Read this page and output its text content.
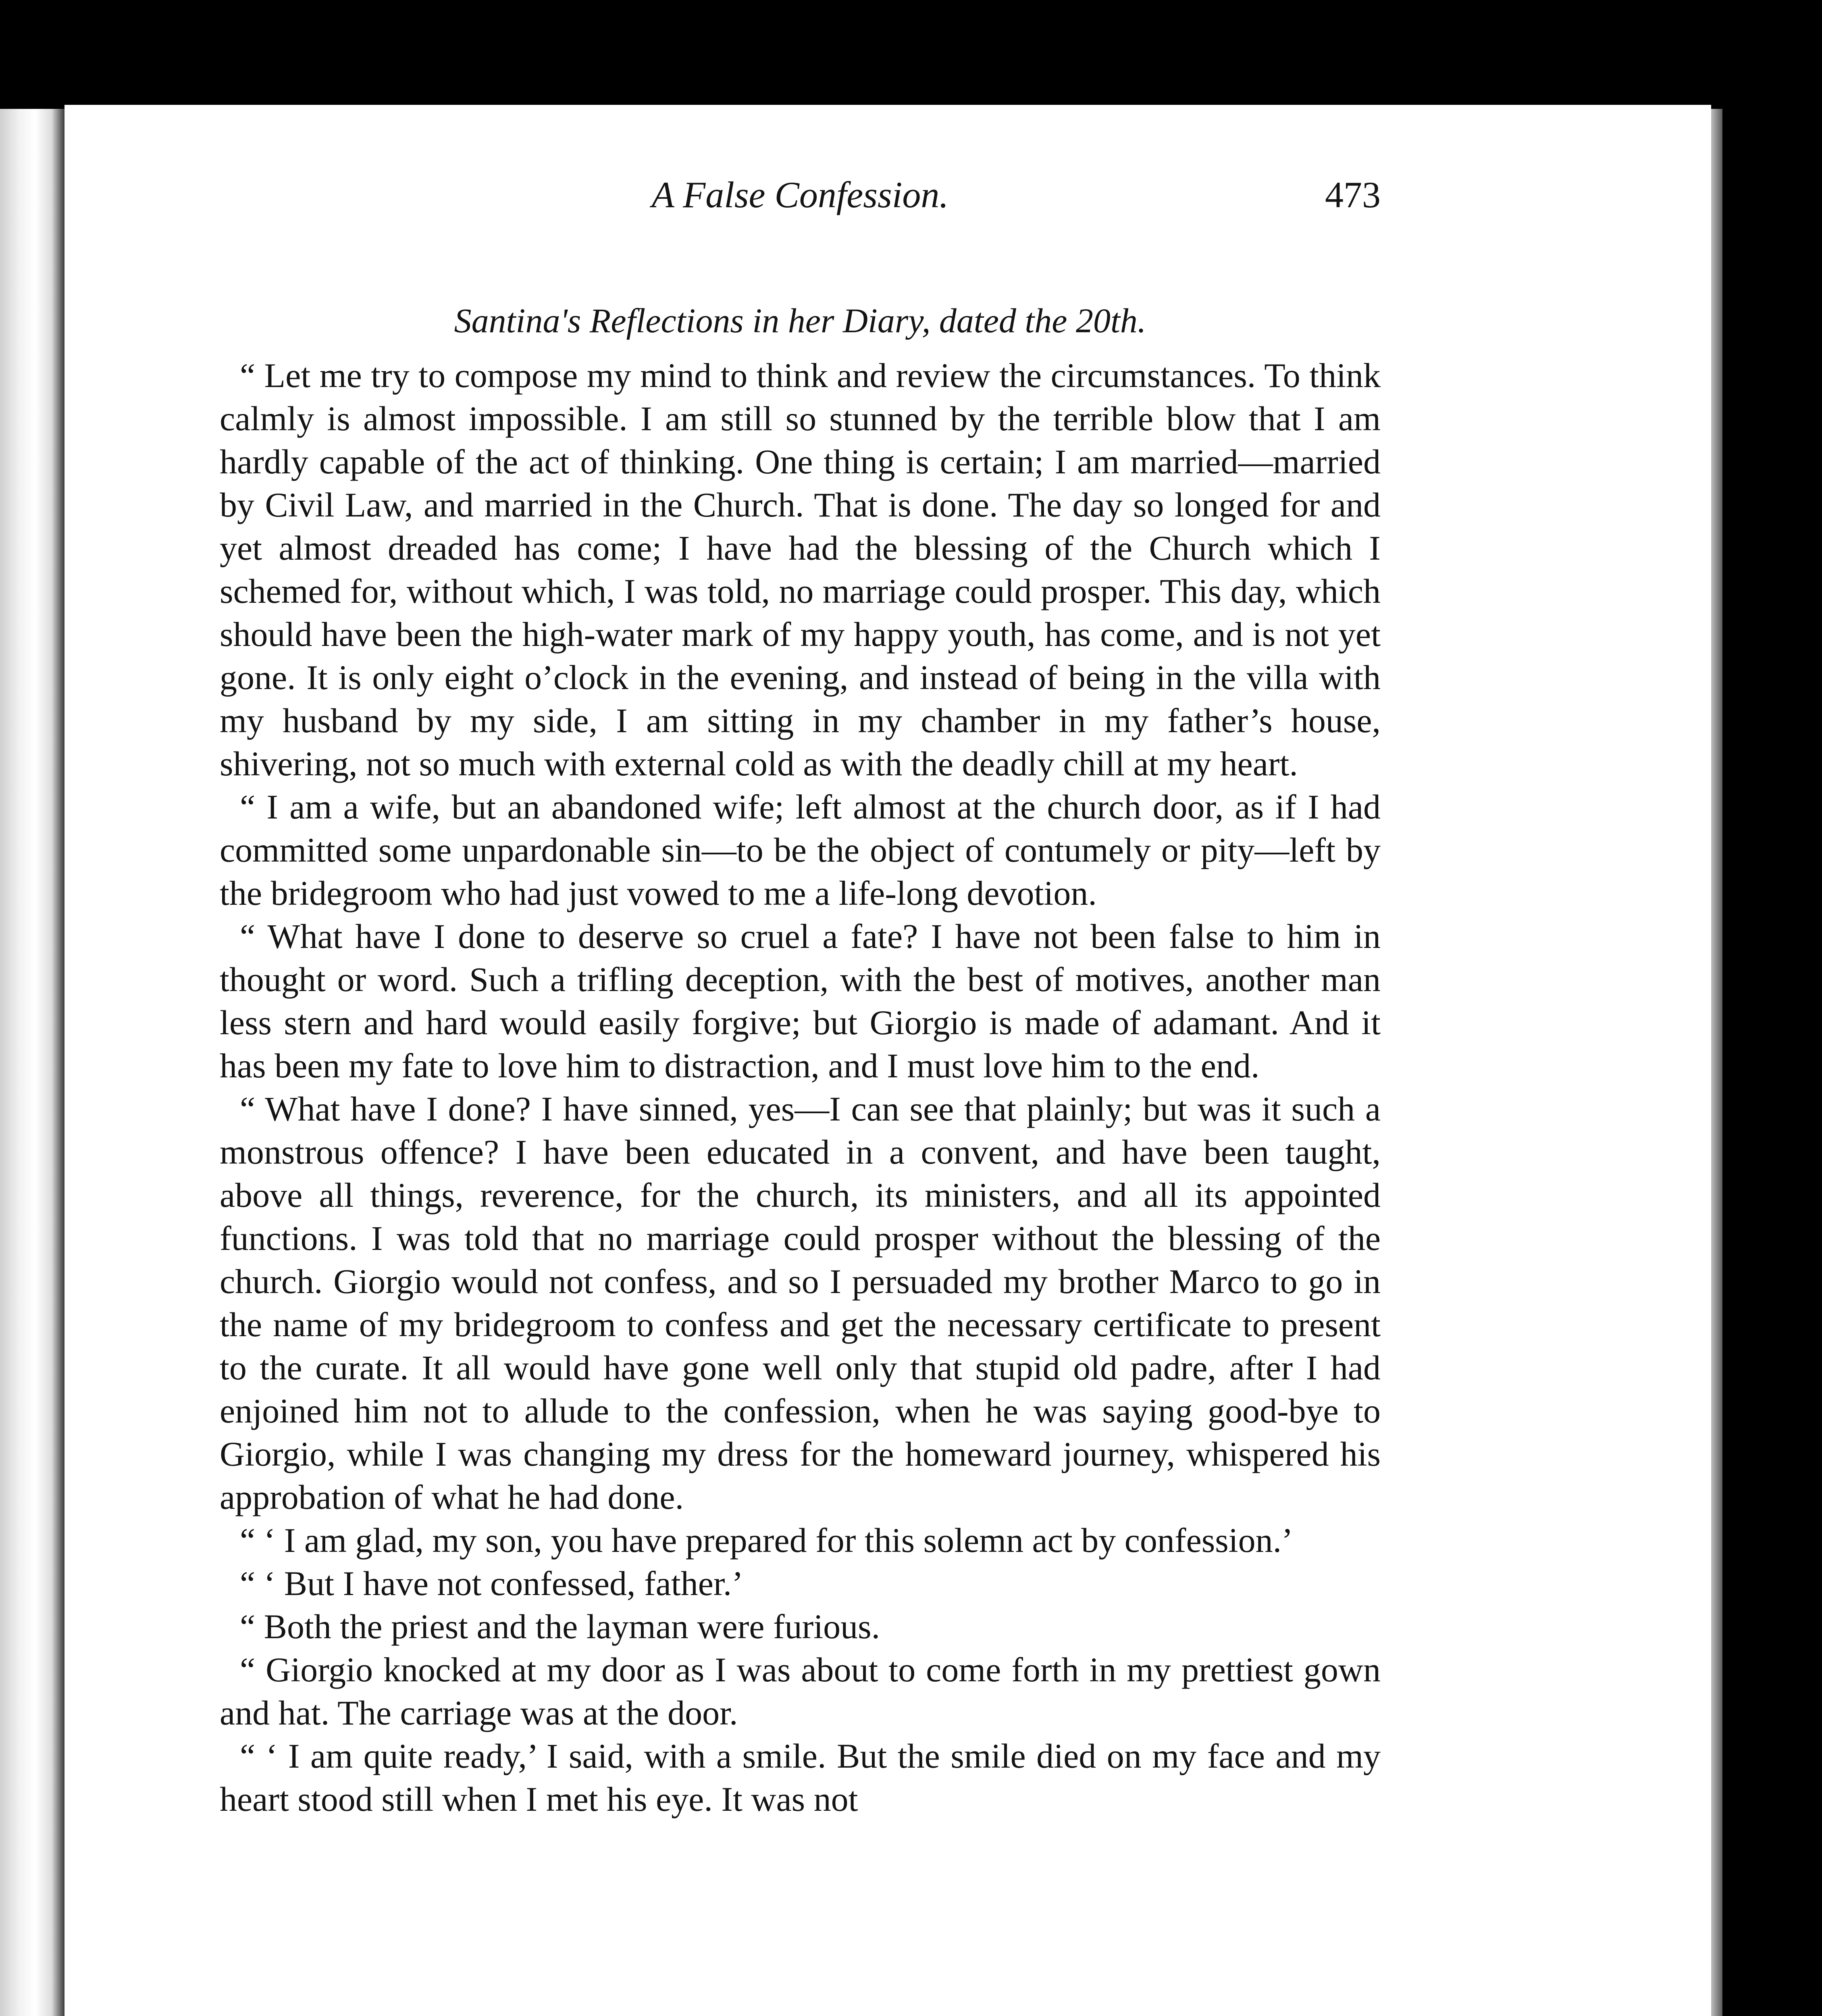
A False Confession.	473
Santina's Reflections in her Diary, dated the 20th.

“ Let me try to compose my mind to think and review the circumstances. To think calmly is almost impossible. I am still so stunned by the terrible blow that I am hardly capable of the act of thinking. One thing is certain; I am married—married by Civil Law, and married in the Church. That is done. The day so longed for and yet almost dreaded has come; I have had the blessing of the Church which I schemed for, without which, I was told, no marriage could prosper. This day, which should have been the high-water mark of my happy youth, has come, and is not yet gone. It is only eight o’clock in the evening, and instead of being in the villa with my husband by my side, I am sitting in my chamber in my father’s house, shivering, not so much with external cold as with the deadly chill at my heart.

“ I am a wife, but an abandoned wife; left almost at the church door, as if I had committed some unpardonable sin—to be the object of contumely or pity—left by the bridegroom who had just vowed to me a life-long devotion.

“ What have I done to deserve so cruel a fate? I have not been false to him in thought or word. Such a trifling deception, with the best of motives, another man less stern and hard would easily forgive; but Giorgio is made of adamant. And it has been my fate to love him to distraction, and I must love him to the end.

“ What have I done? I have sinned, yes—I can see that plainly; but was it such a monstrous offence? I have been educated in a convent, and have been taught, above all things, reverence, for the church, its ministers, and all its appointed functions. I was told that no marriage could prosper without the blessing of the church. Giorgio would not confess, and so I persuaded my brother Marco to go in the name of my bridegroom to confess and get the necessary certificate to present to the curate. It all would have gone well only that stupid old padre, after I had enjoined him not to allude to the confession, when he was saying good-bye to Giorgio, while I was changing my dress for the homeward journey, whispered his approbation of what he had done.

“ ‘ I am glad, my son, you have prepared for this solemn act by confession.’

“ ‘ But I have not confessed, father.’

“ Both the priest and the layman were furious.

“ Giorgio knocked at my door as I was about to come forth in my prettiest gown and hat. The carriage was at the door.

“ ‘ I am quite ready,’ I said, with a smile. But the smile died on my face and my heart stood still when I met his eye. It was not
